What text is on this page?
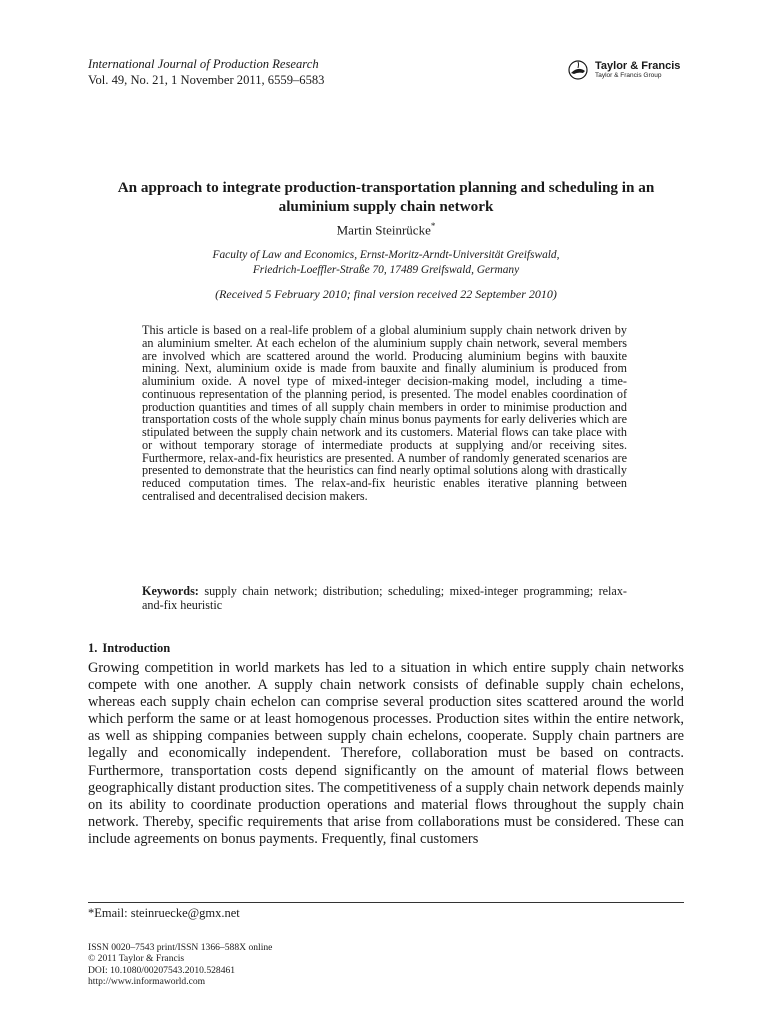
International Journal of Production Research
Vol. 49, No. 21, 1 November 2011, 6559–6583
Taylor & Francis
Taylor & Francis Group
An approach to integrate production-transportation planning and scheduling in an aluminium supply chain network
Martin Steinrücke*
Faculty of Law and Economics, Ernst-Moritz-Arndt-Universität Greifswald,
Friedrich-Loeffler-Straße 70, 17489 Greifswald, Germany
(Received 5 February 2010; final version received 22 September 2010)
This article is based on a real-life problem of a global aluminium supply chain network driven by an aluminium smelter. At each echelon of the aluminium supply chain network, several members are involved which are scattered around the world. Producing aluminium begins with bauxite mining. Next, aluminium oxide is made from bauxite and finally aluminium is produced from aluminium oxide. A novel type of mixed-integer decision-making model, including a time-continuous representation of the planning period, is presented. The model enables coordination of production quantities and times of all supply chain members in order to minimise production and transportation costs of the whole supply chain minus bonus payments for early deliveries which are stipulated between the supply chain network and its customers. Material flows can take place with or without temporary storage of intermediate products at supplying and/or receiving sites. Furthermore, relax-and-fix heuristics are presented. A number of randomly generated scenarios are presented to demonstrate that the heuristics can find nearly optimal solutions along with drastically reduced computation times. The relax-and-fix heuristic enables iterative planning between centralised and decentralised decision makers.
Keywords: supply chain network; distribution; scheduling; mixed-integer programming; relax-and-fix heuristic
1. Introduction
Growing competition in world markets has led to a situation in which entire supply chain networks compete with one another. A supply chain network consists of definable supply chain echelons, whereas each supply chain echelon can comprise several production sites scattered around the world which perform the same or at least homogenous processes. Production sites within the entire network, as well as shipping companies between supply chain echelons, cooperate. Supply chain partners are legally and economically independent. Therefore, collaboration must be based on contracts. Furthermore, transportation costs depend significantly on the amount of material flows between geographically distant production sites. The competitiveness of a supply chain network depends mainly on its ability to coordinate production operations and material flows throughout the supply chain network. Thereby, specific requirements that arise from collaborations must be considered. These can include agreements on bonus payments. Frequently, final customers
*Email: steinruecke@gmx.net
ISSN 0020–7543 print/ISSN 1366–588X online
© 2011 Taylor & Francis
DOI: 10.1080/00207543.2010.528461
http://www.informaworld.com
